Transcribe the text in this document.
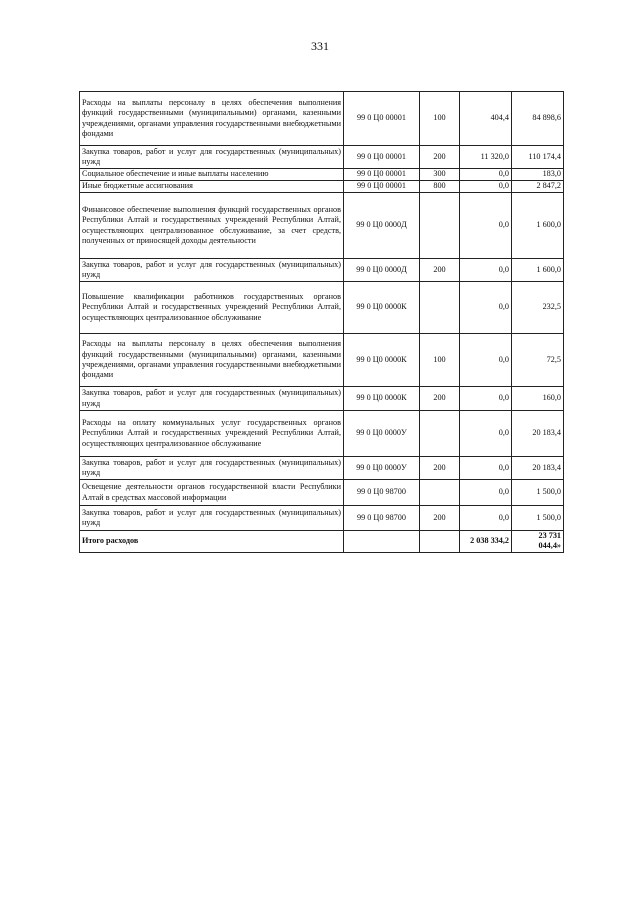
331
Расходы на выплаты персоналу в целях обеспечения выполнения функций государственными (муниципальными) органами, казенными учреждениями, органами управления государственными внебюджетными фондами	99 0 Ц0 00001	100	404,4	84 898,6
Закупка товаров, работ и услуг для государственных (муниципальных) нужд	99 0 Ц0 00001	200	11 320,0	110 174,4
Социальное обеспечение и иные выплаты населению	99 0 Ц0 00001	300	0,0	183,0
Иные бюджетные ассигнования	99 0 Ц0 00001	800	0,0	2 847,2
Финансовое обеспечение выполнения функций государственных органов Республики Алтай и государственных учреждений Республики Алтай, осуществляющих централизованное обслуживание, за счет средств, полученных от приносящей доходы деятельности	99 0 Ц0 0000Д		0,0	1 600,0
Закупка товаров, работ и услуг для государственных (муниципальных) нужд	99 0 Ц0 0000Д	200	0,0	1 600,0
Повышение квалификации работников государственных органов Республики Алтай и государственных учреждений Республики Алтай, осуществляющих централизованное обслуживание	99 0 Ц0 0000К		0,0	232,5
Расходы на выплаты персоналу в целях обеспечения выполнения функций государственными (муниципальными) органами, казенными учреждениями, органами управления государственными внебюджетными фондами	99 0 Ц0 0000К	100	0,0	72,5
Закупка товаров, работ и услуг для государственных (муниципальных) нужд	99 0 Ц0 0000К	200	0,0	160,0
Расходы на оплату коммунальных услуг государственных органов Республики Алтай и государственных учреждений Республики Алтай, осуществляющих централизованное обслуживание	99 0 Ц0 0000У		0,0	20 183,4
Закупка товаров, работ и услуг для государственных (муниципальных) нужд	99 0 Ц0 0000У	200	0,0	20 183,4
Освещение деятельности органов государственной власти Республики Алтай в средствах массовой информации	99 0 Ц0 98700		0,0	1 500,0
Закупка товаров, работ и услуг для государственных (муниципальных) нужд	99 0 Ц0 98700	200	0,0	1 500,0
Итого расходов			2 038 334,2	23 731 044,4»
